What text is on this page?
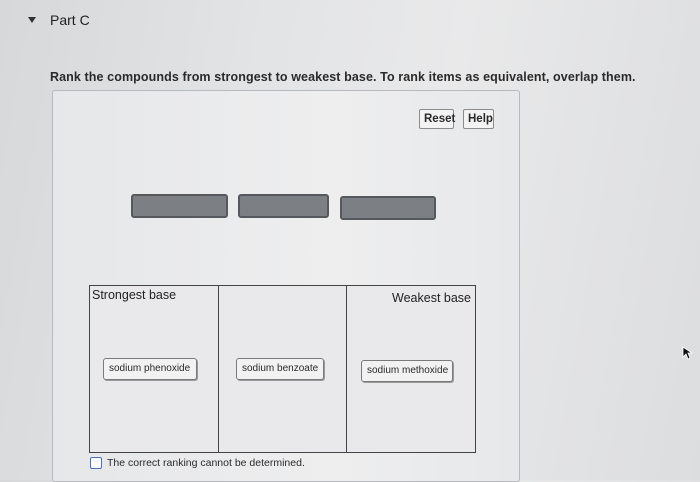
Part C
Rank the compounds from strongest to weakest base. To rank items as equivalent, overlap them.
Reset	Help
Strongest base	Weakest base
sodium phenoxide	sodium benzoate	sodium methoxide
The correct ranking cannot be determined.
